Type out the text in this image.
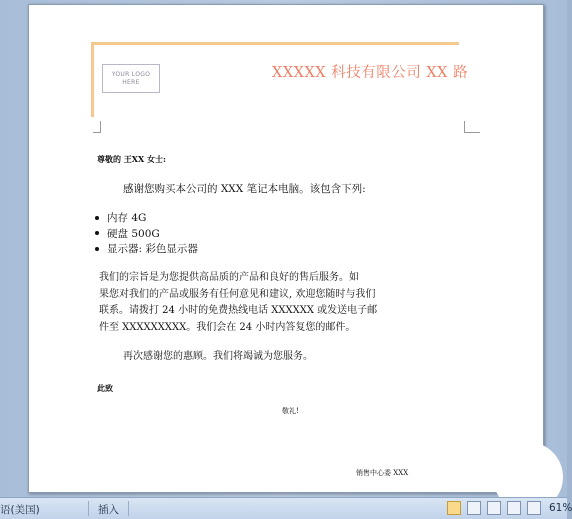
YOUR LOGO
HERE
XXXXX 科技有限公司 XX 路
尊敬的 王XX 女士:
感谢您购买本公司的 XXX 笔记本电脑。该包含下列:
内存 4G
硬盘 500G
显示器: 彩色显示器
我们的宗旨是为您提供高品质的产品和良好的售后服务。如
果您对我们的产品或服务有任何意见和建议, 欢迎您随时与我们
联系。请拨打 24 小时的免费热线电话 XXXXXX 或发送电子邮
件至 XXXXXXXXX。我们会在 24 小时内答复您的邮件。
再次感谢您的惠顾。我们将竭诚为您服务。
此致
敬礼!
销售中心委 XXX
语(美国)	插入	61%
